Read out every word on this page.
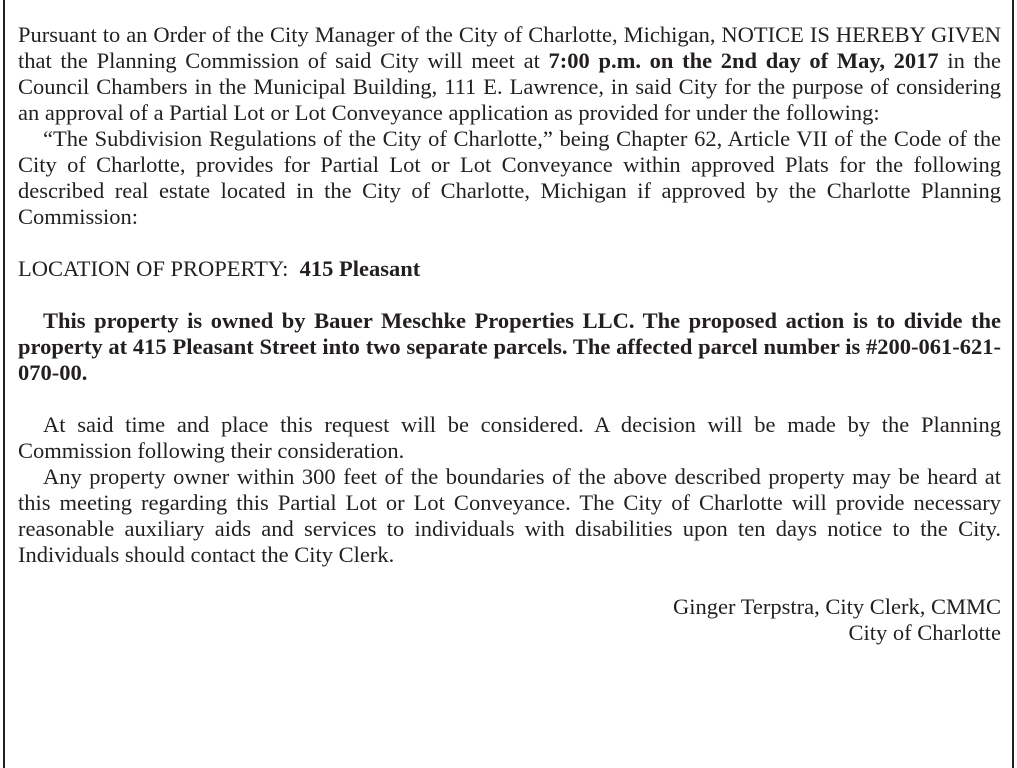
Pursuant to an Order of the City Manager of the City of Charlotte, Michigan, NOTICE IS HEREBY GIVEN that the Planning Commission of said City will meet at 7:00 p.m. on the 2nd day of May, 2017 in the Council Chambers in the Municipal Building, 111 E. Lawrence, in said City for the purpose of considering an approval of a Partial Lot or Lot Conveyance application as provided for under the following:

“The Subdivision Regulations of the City of Charlotte,” being Chapter 62, Article VII of the Code of the City of Charlotte, provides for Partial Lot or Lot Conveyance within approved Plats for the following described real estate located in the City of Charlotte, Michigan if approved by the Charlotte Planning Commission:

LOCATION OF PROPERTY: 415 Pleasant

This property is owned by Bauer Meschke Properties LLC. The proposed action is to divide the property at 415 Pleasant Street into two separate parcels. The affected parcel number is #200-061-621-070-00.

At said time and place this request will be considered. A decision will be made by the Planning Commission following their consideration.

Any property owner within 300 feet of the boundaries of the above described property may be heard at this meeting regarding this Partial Lot or Lot Conveyance. The City of Charlotte will provide necessary reasonable auxiliary aids and services to individuals with disabilities upon ten days notice to the City. Individuals should contact the City Clerk.

Ginger Terpstra, City Clerk, CMMC
City of Charlotte
